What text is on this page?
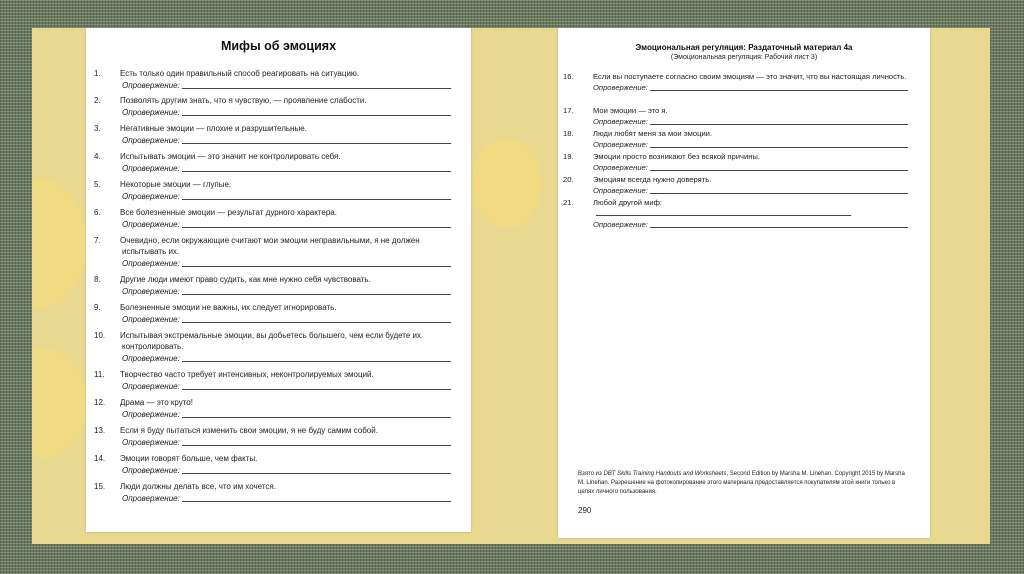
Мифы об эмоциях
1. Есть только один правильный способ реагировать на ситуацию.
Опровержение:
2. Позволять другим знать, что я чувствую, — проявление слабости.
Опровержение:
3. Негативные эмоции — плохие и разрушительные.
Опровержение:
4. Испытывать эмоции — это значит не контролировать себя.
Опровержение:
5. Некоторые эмоции — глупые.
Опровержение:
6. Все болезненные эмоции — результат дурного характера.
Опровержение:
7. Очевидно, если окружающие считают мои эмоции неправильными, я не должен испытывать их.
Опровержение:
8. Другие люди имеют право судить, как мне нужно себя чувствовать.
Опровержение:
9. Болезненные эмоции не важны, их следует игнорировать.
Опровержение:
10. Испытывая экстремальные эмоции, вы добьетесь большего, чем если будете их контролировать.
Опровержение:
11. Творчество часто требует интенсивных, неконтролируемых эмоций.
Опровержение:
12. Драма — это круто!
Опровержение:
13. Если я буду пытаться изменить свои эмоции, я не буду самим собой.
Опровержение:
14. Эмоции говорят больше, чем факты.
Опровержение:
15. Люди должны делать все, что им хочется.
Опровержение:
Эмоциональная регуляция: Раздаточный материал 4а
(Эмоциональная регуляция: Рабочий лист 3)
16.	Если вы поступаете согласно своим эмоциям — это значит, что вы настоящая личность.
Опровержение:
17.	Мои эмоции — это я.
Опровержение:
18.	Люди любят меня за мои эмоции.
Опровержение:
19.	Эмоции просто возникают без всякой причины.
Опровержение:
20.	Эмоциям всегда нужно доверять.
Опровержение:
21.	Любой другой миф:
Опровержение:
Взято из DBT Skills Training Handouts and Worksheets, Second Edition by Marsha M. Linehan. Copyright 2015 by Marsha M. Linehan. Разрешение на фотокопирование этого материала предоставляется покупателям этой книги только в целях личного пользования.
290
